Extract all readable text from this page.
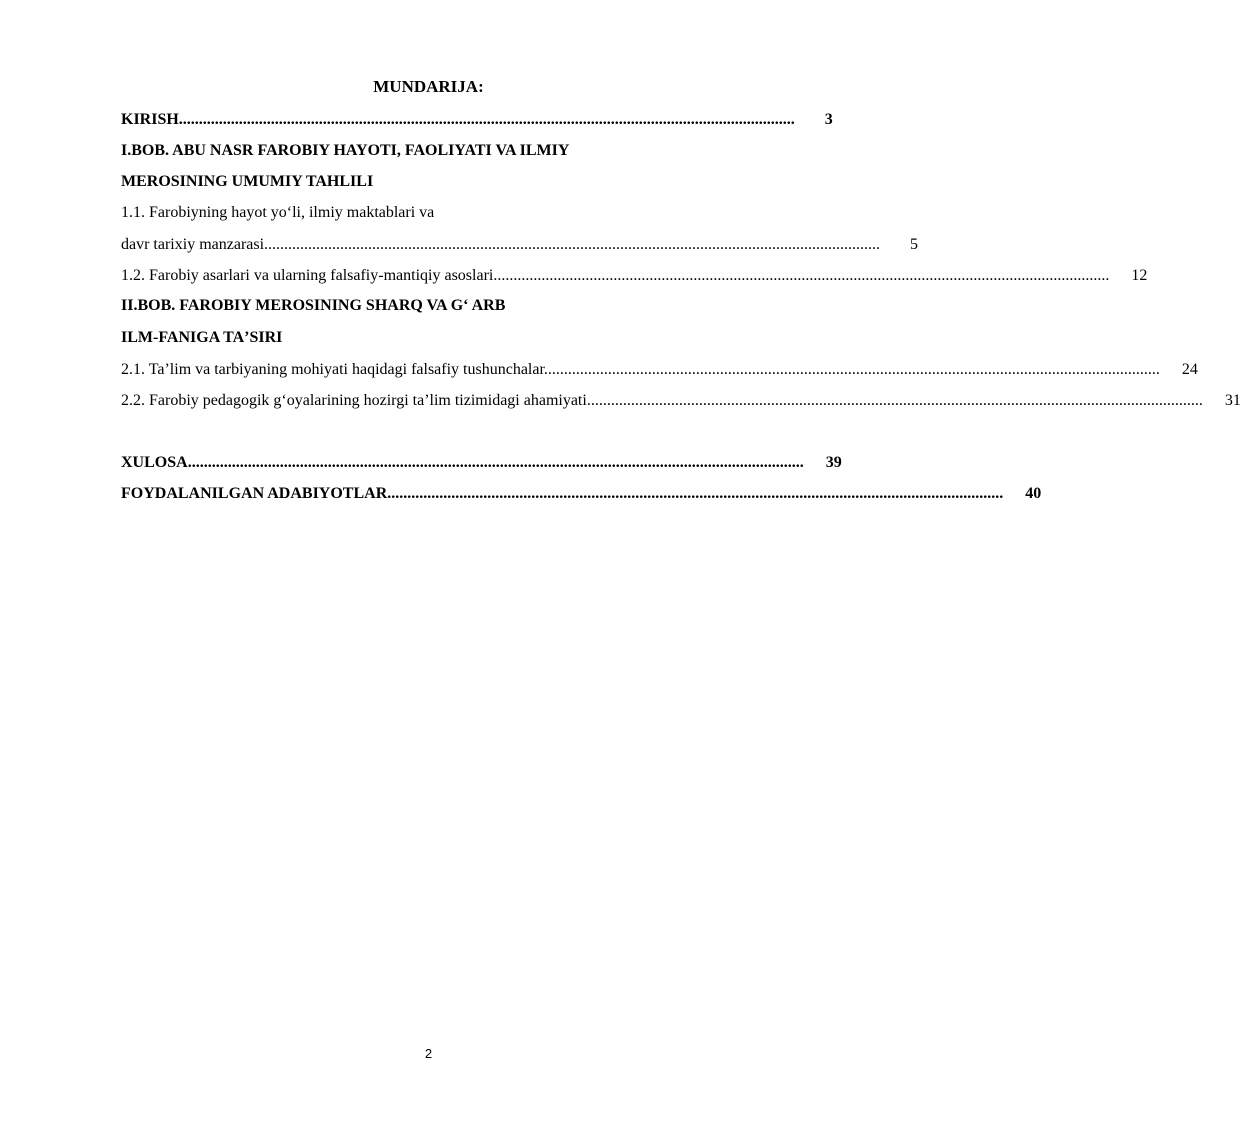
MUNDARIJA:
KIRISH..........................................................................................................................................................	3
I.BOB. ABU NASR FAROBIY HAYOTI, FAOLIYATI VA ILMIY
MEROSINING UMUMIY TAHLILI
1.1. Farobiyning hayot yoʻli, ilmiy maktablari va
davr tarixiy manzarasi..........................................................................................................................................................	5
1.2. Farobiy asarlari va ularning falsafiy-mantiqiy asoslari..........................................................................................................................................................	12
II.BOB. FAROBIY MEROSINING SHARQ VA Gʻ ARB
ILM-FANIGA TAʼSIRI
2.1. Taʼlim va tarbiyaning mohiyati haqidagi falsafiy tushunchalar..........................................................................................................................................................	24
2.2. Farobiy pedagogik gʻoyalarining hozirgi taʼlim tizimidagi ahamiyati..........................................................................................................................................................	31
XULOSA..........................................................................................................................................................	39
FOYDALANILGAN ADABIYOTLAR..........................................................................................................................................................	40
2
